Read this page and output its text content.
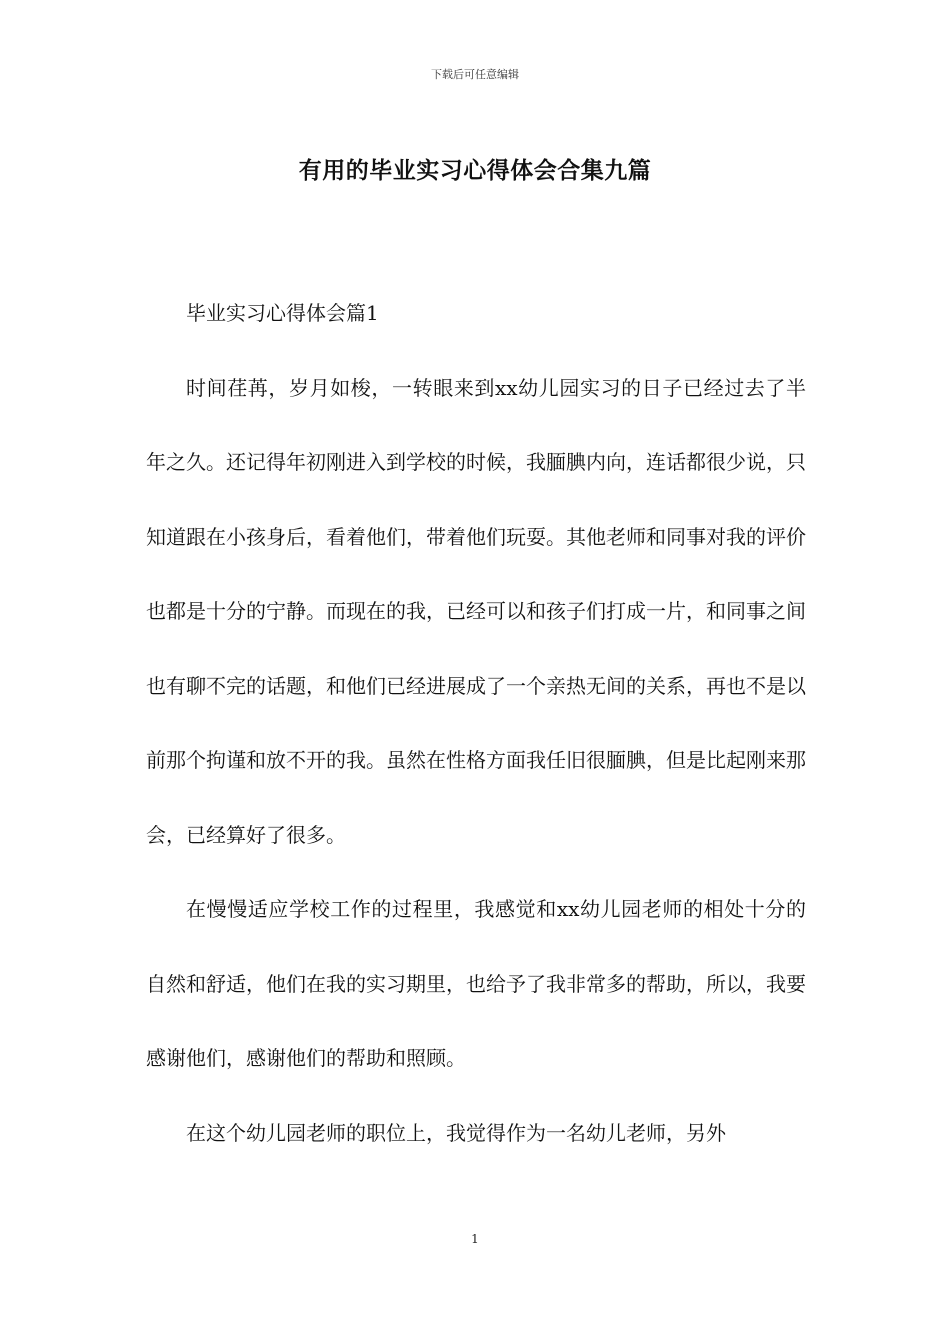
下载后可任意编辑
有用的毕业实习心得体会合集九篇

毕业实习心得体会篇1

时间荏苒，岁月如梭，一转眼来到xx幼儿园实习的日子已经过去了半年之久。还记得年初刚进入到学校的时候，我腼腆内向，连话都很少说，只知道跟在小孩身后，看着他们，带着他们玩耍。其他老师和同事对我的评价也都是十分的宁静。而现在的我，已经可以和孩子们打成一片，和同事之间也有聊不完的话题，和他们已经进展成了一个亲热无间的关系，再也不是以前那个拘谨和放不开的我。虽然在性格方面我任旧很腼腆，但是比起刚来那会，已经算好了很多。

在慢慢适应学校工作的过程里，我感觉和xx幼儿园老师的相处十分的自然和舒适，他们在我的实习期里，也给予了我非常多的帮助，所以，我要感谢他们，感谢他们的帮助和照顾。

在这个幼儿园老师的职位上，我觉得作为一名幼儿老师，另外

1
